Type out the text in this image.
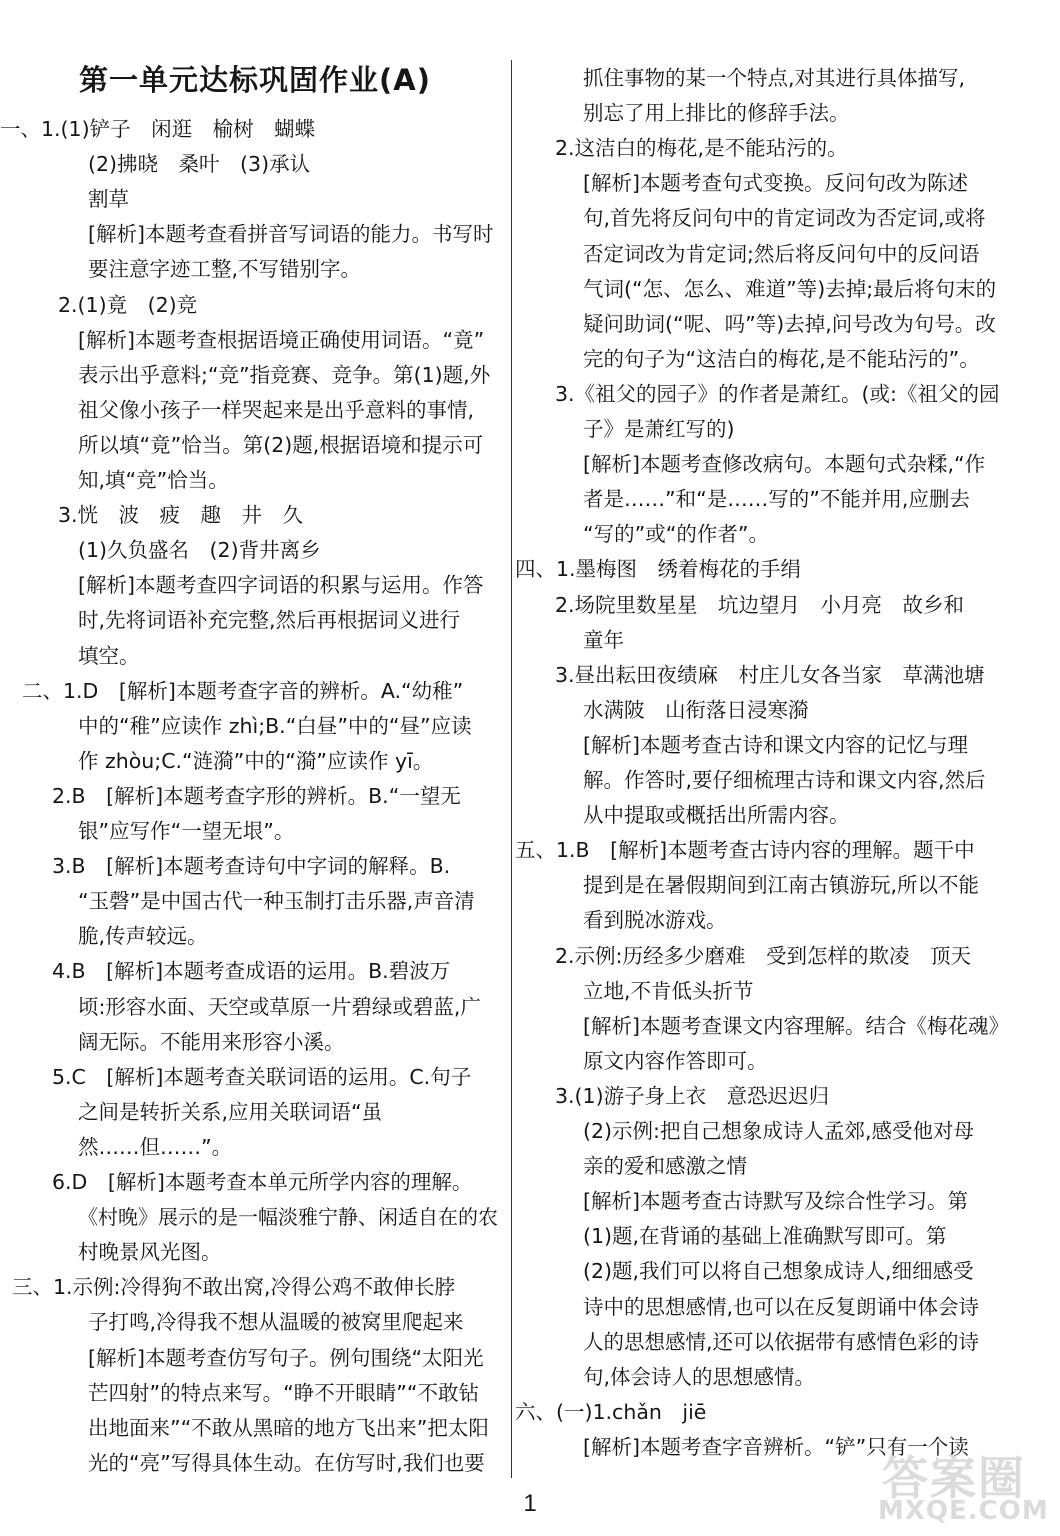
第一单元达标巩固作业(A)
一、1.(1)铲子　闲逛　榆树　蝴蝶
(2)拂晓　桑叶　(3)承认
割草
[解析]本题考查看拼音写词语的能力。书写时
要注意字迹工整,不写错别字。
2.(1)竟　(2)竞
[解析]本题考查根据语境正确使用词语。“竟”
表示出乎意料;“竞”指竞赛、竞争。第(1)题,外
祖父像小孩子一样哭起来是出乎意料的事情,
所以填“竟”恰当。第(2)题,根据语境和提示可
知,填“竞”恰当。
3.恍　波　疲　趣　井　久
(1)久负盛名　(2)背井离乡
[解析]本题考查四字词语的积累与运用。作答
时,先将词语补充完整,然后再根据词义进行
填空。
二、1.D　[解析]本题考查字音的辨析。A.“幼稚”
中的“稚”应读作 zhì;B.“白昼”中的“昼”应读
作 zhòu;C.“涟漪”中的“漪”应读作 yī。
2.B　[解析]本题考查字形的辨析。B.“一望无
银”应写作“一望无垠”。
3.B　[解析]本题考查诗句中字词的解释。B.
“玉磬”是中国古代一种玉制打击乐器,声音清
脆,传声较远。
4.B　[解析]本题考查成语的运用。B.碧波万
顷:形容水面、天空或草原一片碧绿或碧蓝,广
阔无际。不能用来形容小溪。
5.C　[解析]本题考查关联词语的运用。C.句子
之间是转折关系,应用关联词语“虽
然……但……”。
6.D　[解析]本题考查本单元所学内容的理解。
《村晚》展示的是一幅淡雅宁静、闲适自在的农
村晚景风光图。
三、1.示例:冷得狗不敢出窝,冷得公鸡不敢伸长脖
子打鸣,冷得我不想从温暖的被窝里爬起来
[解析]本题考查仿写句子。例句围绕“太阳光
芒四射”的特点来写。“睁不开眼睛”“不敢钻
出地面来”“不敢从黑暗的地方飞出来”把太阳
光的“亮”写得具体生动。在仿写时,我们也要
抓住事物的某一个特点,对其进行具体描写,
别忘了用上排比的修辞手法。
2.这洁白的梅花,是不能玷污的。
[解析]本题考查句式变换。反问句改为陈述
句,首先将反问句中的肯定词改为否定词,或将
否定词改为肯定词;然后将反问句中的反问语
气词(“怎、怎么、难道”等)去掉;最后将句末的
疑问助词(“呢、吗”等)去掉,问号改为句号。改
完的句子为“这洁白的梅花,是不能玷污的”。
3.《祖父的园子》的作者是萧红。(或:《祖父的园
子》是萧红写的)
[解析]本题考查修改病句。本题句式杂糅,“作
者是……”和“是……写的”不能并用,应删去
“写的”或“的作者”。
四、1.墨梅图　绣着梅花的手绢
2.场院里数星星　坑边望月　小月亮　故乡和
童年
3.昼出耘田夜绩麻　村庄儿女各当家　草满池塘
水满陂　山衔落日浸寒漪
[解析]本题考查古诗和课文内容的记忆与理
解。作答时,要仔细梳理古诗和课文内容,然后
从中提取或概括出所需内容。
五、1.B　[解析]本题考查古诗内容的理解。题干中
提到是在暑假期间到江南古镇游玩,所以不能
看到脱冰游戏。
2.示例:历经多少磨难　受到怎样的欺凌　顶天
立地,不肯低头折节
[解析]本题考查课文内容理解。结合《梅花魂》
原文内容作答即可。
3.(1)游子身上衣　意恐迟迟归
(2)示例:把自己想象成诗人孟郊,感受他对母
亲的爱和感激之情
[解析]本题考查古诗默写及综合性学习。第
(1)题,在背诵的基础上准确默写即可。第
(2)题,我们可以将自己想象成诗人,细细感受
诗中的思想感情,也可以在反复朗诵中体会诗
人的思想感情,还可以依据带有感情色彩的诗
句,体会诗人的思想感情。
六、(一)1.chǎn　jiē
[解析]本题考查字音辨析。“铲”只有一个读
1	答案圈
MXQE.COM
